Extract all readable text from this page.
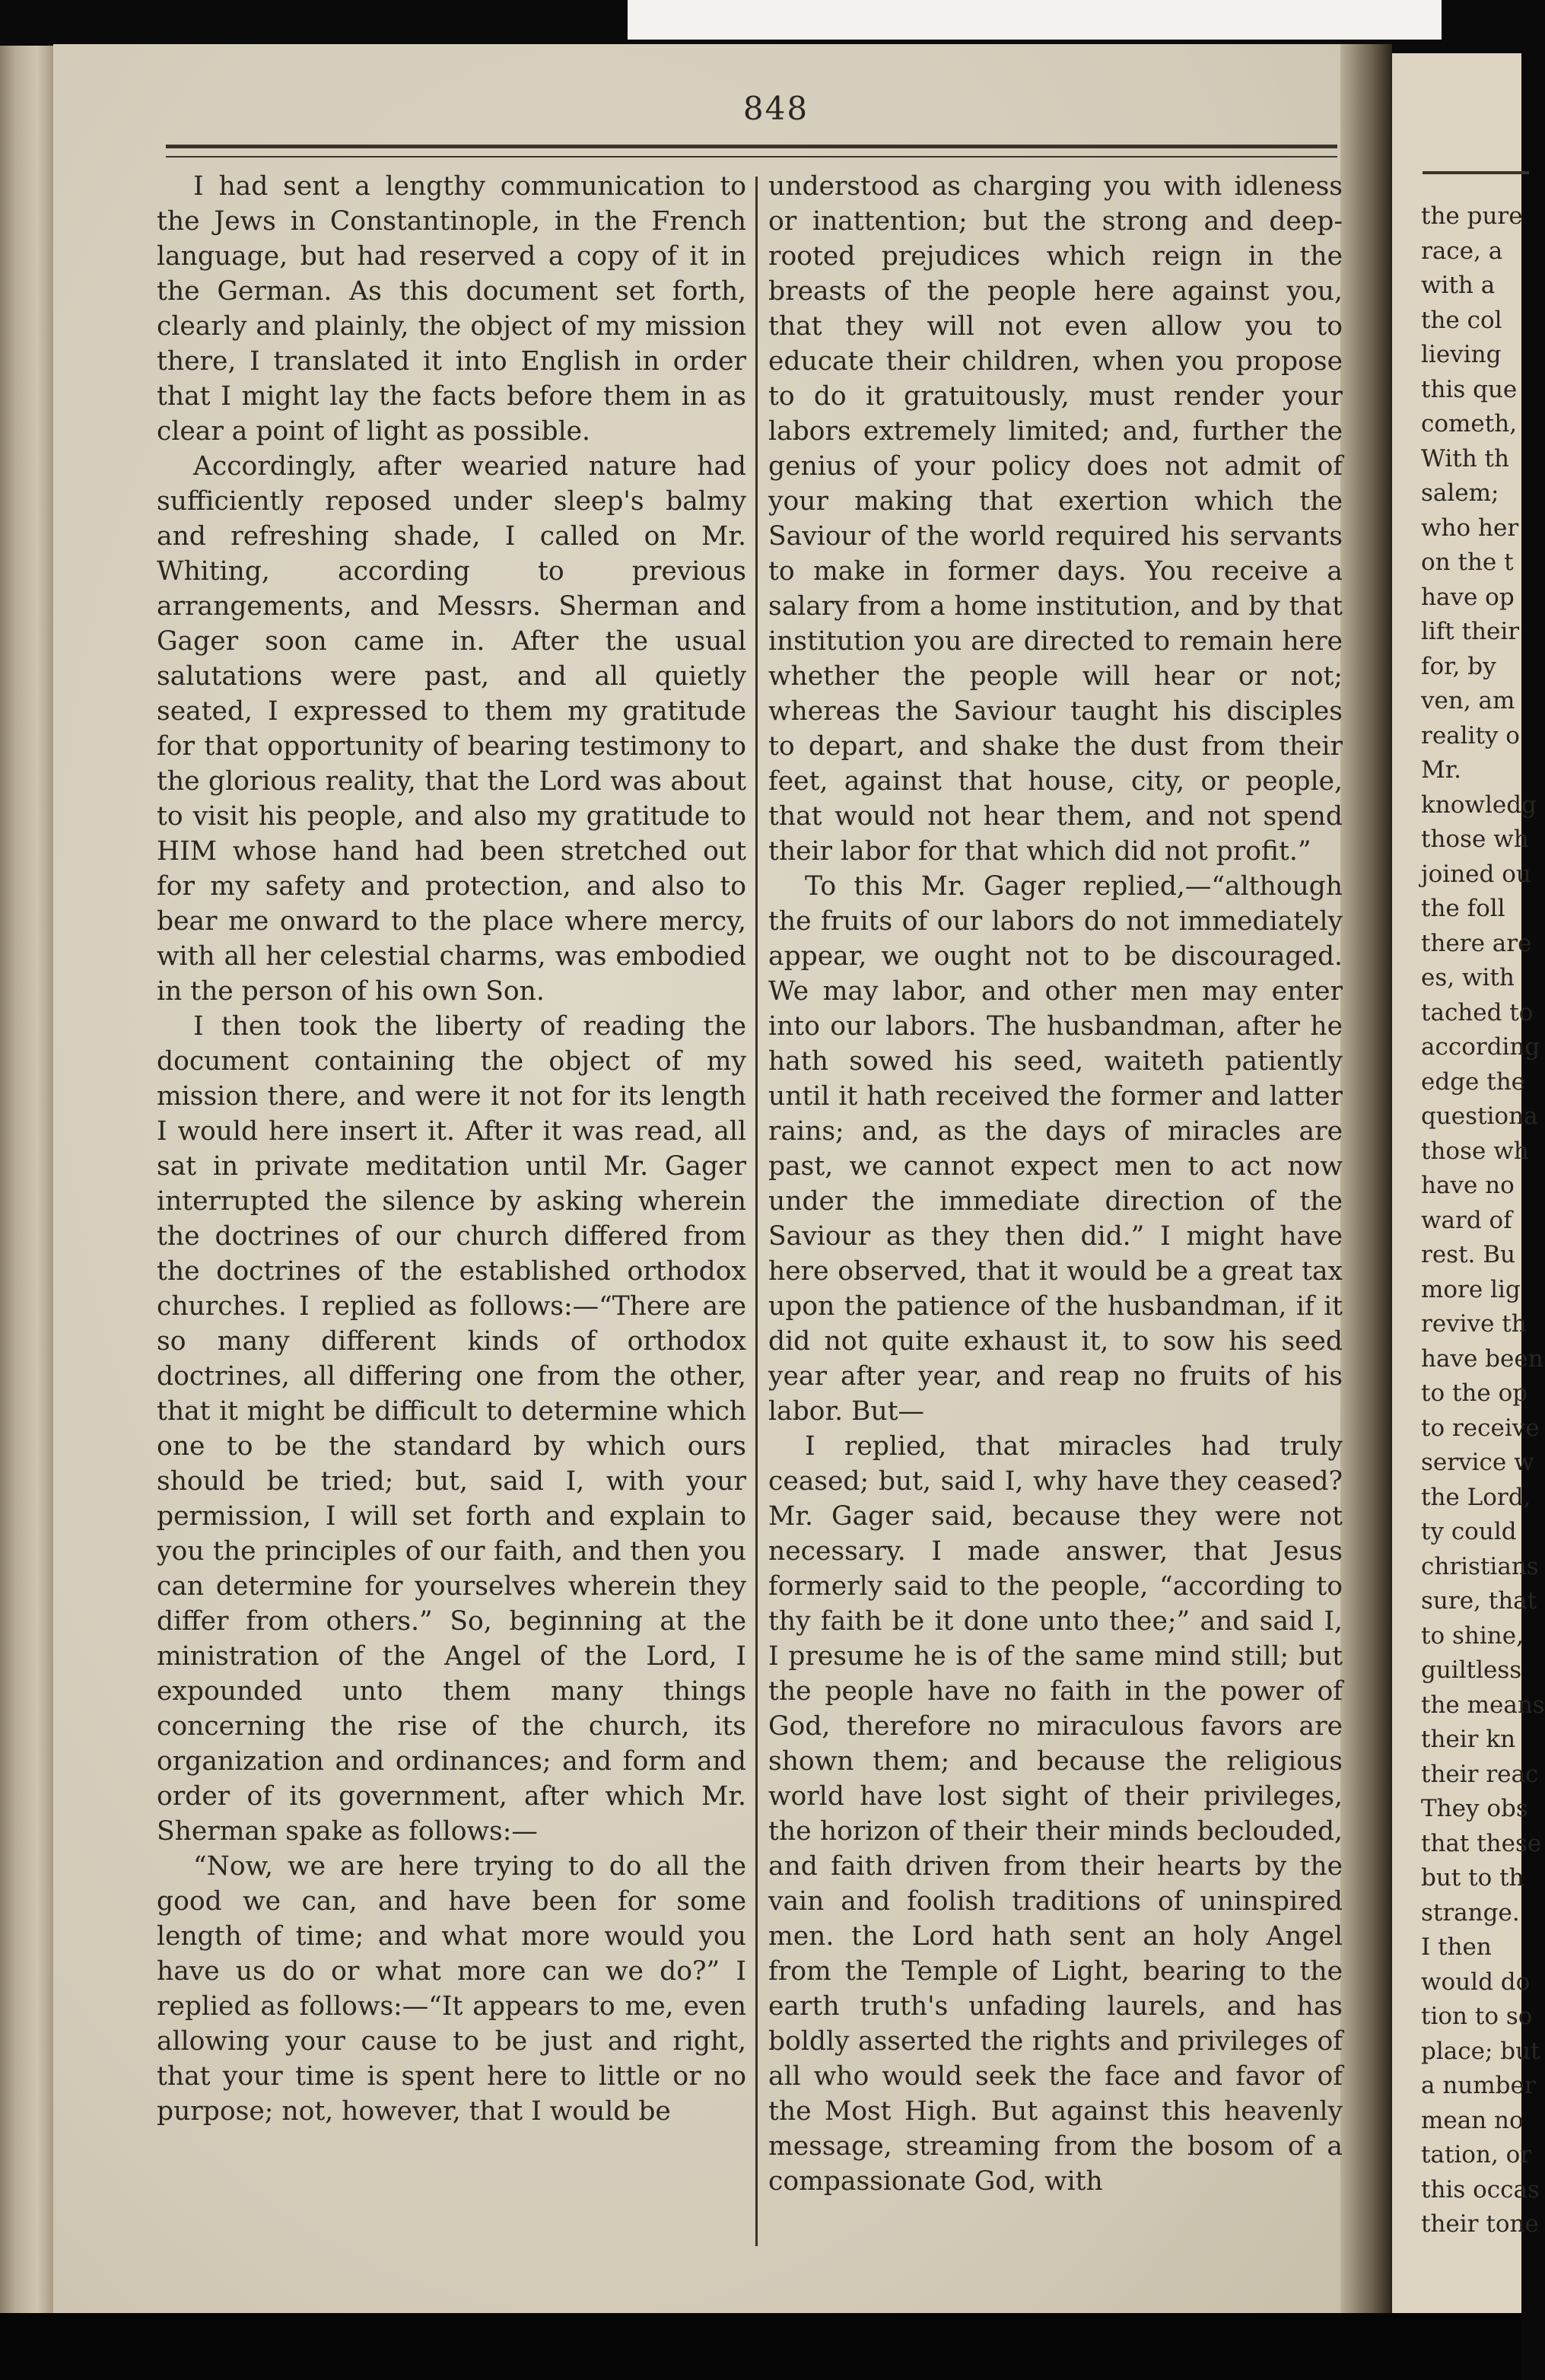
the pure
race, a
with a
the col
lieving
this que
cometh,
With th
salem;
who her
on the t
have op
lift their
for, by
ven, am
reality o
Mr.
knowledg
those wh
joined ou
the foll
there are
es, with
tached to
according
edge the
questiona
those wh
have no
ward of
rest. Bu
more lig
revive th
have been
to the op
to receive
service w
the Lord,
ty could
christians
sure, that
to shine,
guiltless
the means
their kn
their reac
They obs
that these
but to th
strange.
I then
would do
tion to so
place; but
a number
mean no
tation, or
this occas
their tone
848

I had sent a lengthy communication to the Jews in Constantinople, in the French language, but had reserved a copy of it in the German. As this document set forth, clearly and plainly, the object of my mission there, I translated it into English in order that I might lay the facts before them in as clear a point of light as possible.

Accordingly, after wearied nature had sufficiently reposed under sleep's balmy and refreshing shade, I called on Mr. Whiting, according to previous arrangements, and Messrs. Sherman and Gager soon came in. After the usual salutations were past, and all quietly seated, I expressed to them my gratitude for that opportunity of bearing testimony to the glorious reality, that the Lord was about to visit his people, and also my gratitude to HIM whose hand had been stretched out for my safety and protection, and also to bear me onward to the place where mercy, with all her celestial charms, was embodied in the person of his own Son.

I then took the liberty of reading the document containing the object of my mission there, and were it not for its length I would here insert it. After it was read, all sat in private meditation until Mr. Gager interrupted the silence by asking wherein the doctrines of our church differed from the doctrines of the established orthodox churches. I replied as follows:—“There are so many different kinds of orthodox doctrines, all differing one from the other, that it might be difficult to determine which one to be the standard by which ours should be tried; but, said I, with your permission, I will set forth and explain to you the principles of our faith, and then you can determine for yourselves wherein they differ from others.” So, beginning at the ministration of the Angel of the Lord, I expounded unto them many things concerning the rise of the church, its organization and ordinances; and form and order of its government, after which Mr. Sherman spake as follows:—

“Now, we are here trying to do all the good we can, and have been for some length of time; and what more would you have us do or what more can we do?” I replied as follows:—“It appears to me, even allowing your cause to be just and right, that your time is spent here to little or no purpose; not, however, that I would be

understood as charging you with idleness or inattention; but the strong and deep-rooted prejudices which reign in the breasts of the people here against you, that they will not even allow you to educate their children, when you propose to do it gratuitously, must render your labors extremely limited; and, further the genius of your policy does not admit of your making that exertion which the Saviour of the world required his servants to make in former days. You receive a salary from a home institution, and by that institution you are directed to remain here whether the people will hear or not; whereas the Saviour taught his disciples to depart, and shake the dust from their feet, against that house, city, or people, that would not hear them, and not spend their labor for that which did not profit.”

To this Mr. Gager replied,—“although the fruits of our labors do not immediately appear, we ought not to be discouraged. We may labor, and other men may enter into our labors. The husbandman, after he hath sowed his seed, waiteth patiently until it hath received the former and latter rains; and, as the days of miracles are past, we cannot expect men to act now under the immediate direction of the Saviour as they then did.” I might have here observed, that it would be a great tax upon the patience of the husbandman, if it did not quite exhaust it, to sow his seed year after year, and reap no fruits of his labor. But—

I replied, that miracles had truly ceased; but, said I, why have they ceased? Mr. Gager said, because they were not necessary. I made answer, that Jesus formerly said to the people, “according to thy faith be it done unto thee;” and said I, I presume he is of the same mind still; but the people have no faith in the power of God, therefore no miraculous favors are shown them; and because the religious world have lost sight of their privileges, the horizon of their their minds beclouded, and faith driven from their hearts by the vain and foolish traditions of uninspired men. the Lord hath sent an holy Angel from the Temple of Light, bearing to the earth truth's unfading laurels, and has boldly asserted the rights and privileges of all who would seek the face and favor of the Most High. But against this heavenly message, streaming from the bosom of a compassionate God, with
